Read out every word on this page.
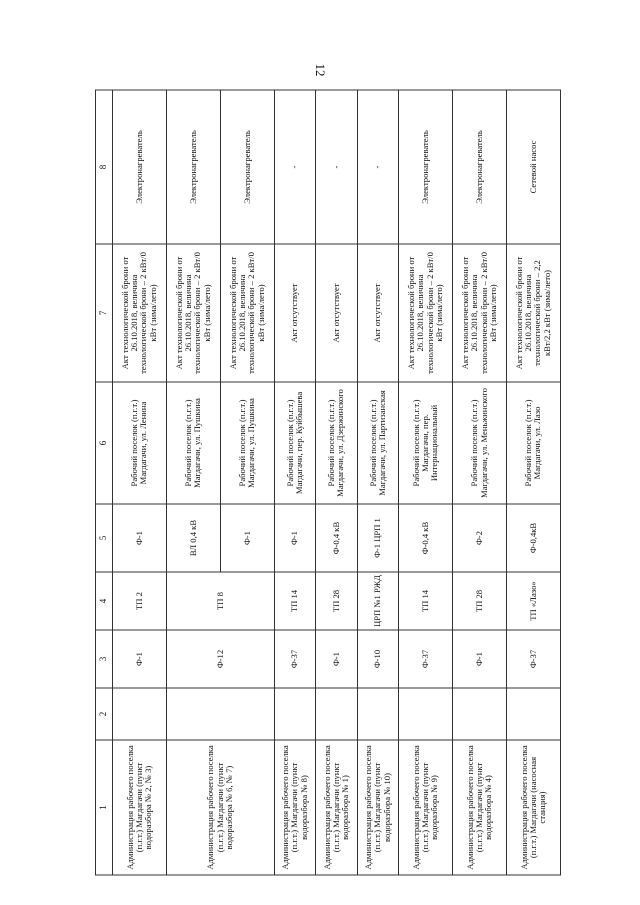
12
1	2	3	4	5	6	7	8
Администрация рабочего поселка (п.г.т.) Магдагачи (пункт водоразбора № 2, № 3)		Ф-1	ТП 2	Ф-1	Рабочий поселок (п.г.т.) Магдагачи, ул. Ленина	Акт технологической брони от 26.10.2018, величина технологической брони – 2 кВт/0 кВт (зима/лето)	Электронагреватель
Администрация рабочего поселка (п.г.т.) Магдагачи (пункт водоразбора № 6, № 7)		Ф-12	ТП 8	ВЛ 0,4 кВ	Рабочий поселок (п.г.т.) Магдагачи, ул. Пушкина	Акт технологической брони от 26.10.2018, величина технологической брони – 2 кВт/0 кВт (зима/лето)	Электронагреватель
				Ф-1	Рабочий поселок (п.г.т.) Магдагачи, ул. Пушкина	Акт технологической брони от 26.10.2018, величина технологической брони – 2 кВт/0 кВт (зима/лето)	Электронагреватель
Администрация рабочего поселка (п.г.т.) Магдагачи (пункт водоразбора № 8)		Ф-37	ТП 14	Ф-1	Рабочий поселок (п.г.т.) Магдагачи, пер. Куйбышева	Акт отсутствует	-
Администрация рабочего поселка (п.г.т.) Магдагачи (пункт водоразбора № 1)		Ф-1	ТП 28	Ф-0,4 кВ	Рабочий поселок (п.г.т.) Магдагачи, ул. Дзержинского	Акт отсутствует	-
Администрация рабочего поселка (п.г.т.) Магдагачи (пункт водоразбора № 10)		Ф-10	ЦРП №1 РЖД	Ф-1 ЦРП 1	Рабочий поселок (п.г.т.) Магдагачи, ул. Партизанская	Акт отсутствует	-
Администрация рабочего поселка (п.г.т.) Магдагачи (пункт водоразбора № 9)		Ф-37	ТП 14	Ф-0,4 кВ	Рабочий поселок (п.г.т.) Магдагачи, пер. Интернациональный	Акт технологической брони от 26.10.2018, величина технологической брони – 2 кВт/0 кВт (зима/лето)	Электронагреватель
Администрация рабочего поселка (п.г.т.) Магдагачи (пункт водоразбора № 4)		Ф-1	ТП 28	Ф-2	Рабочий поселок (п.г.т.) Магдагачи, ул. Меньжинского	Акт технологической брони от 26.10.2018, величина технологической брони – 2 кВт/0 кВт (зима/лето)	Электронагреватель
Администрация рабочего поселка (п.г.т.) Магдагачи (насосная станция)		Ф-37	ТП «Лазо»	Ф-0,4кВ	Рабочий поселок (п.г.т.) Магдагачи, ул. Лазо	Акт технологической брони от 26.10.2018, величина технологической брони – 2,2 кВт/2,2 кВт (зима/лето)	Сетевой насос
